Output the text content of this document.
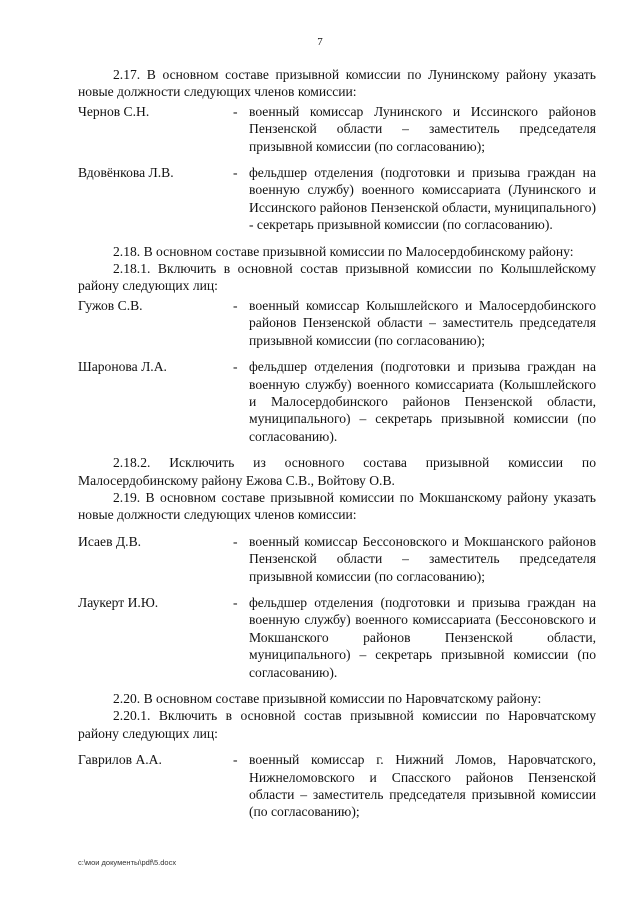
7

2.17. В основном составе призывной комиссии по Лунинскому району указать новые должности следующих членов комиссии:

Чернов С.Н.	- военный комиссар Лунинского и Иссинского районов Пензенской области – заместитель председателя призывной комиссии (по согласованию);
Вдовёнкова Л.В.	- фельдшер отделения (подготовки и призыва граждан на военную службу) военного комиссариата (Лунинского и Иссинского районов Пензенской области, муниципального) - секретарь призывной комиссии (по согласованию).

2.18. В основном составе призывной комиссии по Малосердобинскому району:

2.18.1. Включить в основной состав призывной комиссии по Колышлейскому району следующих лиц:

Гужов С.В.	- военный комиссар Колышлейского и Малосердобинского районов Пензенской области – заместитель председателя призывной комиссии (по согласованию);
Шаронова Л.А.	- фельдшер отделения (подготовки и призыва граждан на военную службу) военного комиссариата (Колышлейского и Малосердобинского районов Пензенской области, муниципального) – секретарь призывной комиссии (по согласованию).

2.18.2. Исключить из основного состава призывной комиссии по Малосердобинскому району Ежова С.В., Войтову О.В.

2.19. В основном составе призывной комиссии по Мокшанскому району указать новые должности следующих членов комиссии:

Исаев Д.В.	- военный комиссар Бессоновского и Мокшанского районов Пензенской области – заместитель председателя призывной комиссии (по согласованию);
Лаукерт И.Ю.	- фельдшер отделения (подготовки и призыва граждан на военную службу) военного комиссариата (Бессоновского и Мокшанского районов Пензенской области, муниципального) – секретарь призывной комиссии (по согласованию).

2.20. В основном составе призывной комиссии по Наровчатскому району:

2.20.1. Включить в основной состав призывной комиссии по Наровчатскому району следующих лиц:

Гаврилов А.А.	- военный комиссар г. Нижний Ломов, Наровчатского, Нижнеломовского и Спасского районов Пензенской области – заместитель председателя призывной комиссии (по согласованию);
c:\мои документы\pdf\5.docx
